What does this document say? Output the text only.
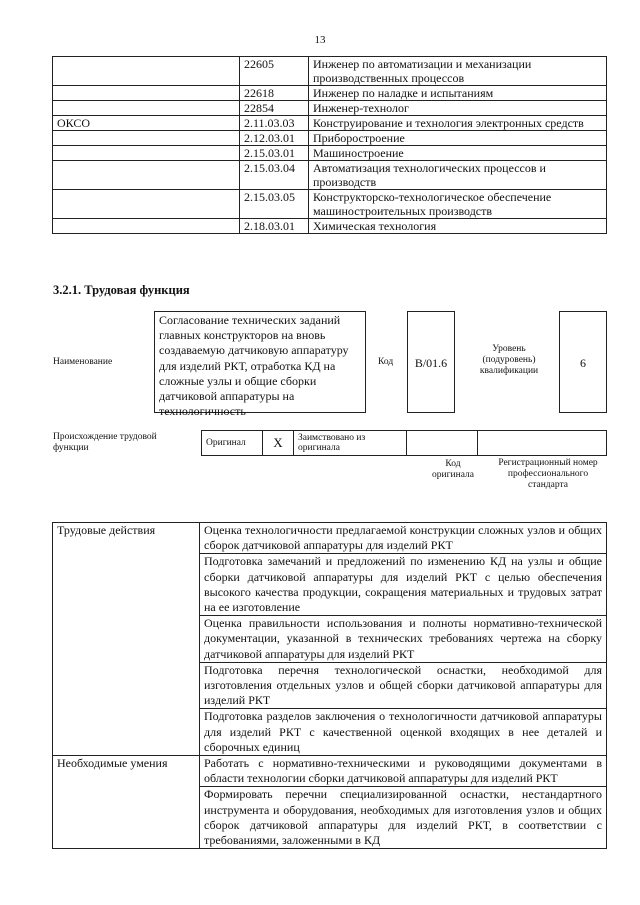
13
	22605	Инженер по автоматизации и механизации производственных процессов
	22618	Инженер по наладке и испытаниям
	22854	Инженер-технолог
ОКСО	2.11.03.03	Конструирование и технология электронных средств
	2.12.03.01	Приборостроение
	2.15.03.01	Машиностроение
	2.15.03.04	Автоматизация технологических процессов и производств
	2.15.03.05	Конструкторско-технологическое обеспечение машиностроительных производств
	2.18.03.01	Химическая технология
3.2.1. Трудовая функция
Наименование
Согласование технических заданий главных конструкторов на вновь создаваемую датчиковую аппаратуру для изделий РКТ, отработка КД на сложные узлы и общие сборки датчиковой аппаратуры на технологичность
Код	B/01.6
Уровень (подуровень) квалификации
6
Происхождение трудовой функции	Оригинал	X	Заимствовано из оригинала		
Код оригинала
Регистрационный номер профессионального стандарта
Трудовые действия	Оценка технологичности предлагаемой конструкции сложных узлов и общих сборок датчиковой аппаратуры для изделий РКТ
	Подготовка замечаний и предложений по изменению КД на узлы и общие сборки датчиковой аппаратуры для изделий РКТ с целью обеспечения высокого качества продукции, сокращения материальных и трудовых затрат на ее изготовление
	Оценка правильности использования и полноты нормативно-технической документации, указанной в технических требованиях чертежа на сборку датчиковой аппаратуры для изделий РКТ
	Подготовка перечня технологической оснастки, необходимой для изготовления отдельных узлов и общей сборки датчиковой аппаратуры для изделий РКТ
	Подготовка разделов заключения о технологичности датчиковой аппаратуры для изделий РКТ с качественной оценкой входящих в нее деталей и сборочных единиц
Необходимые умения	Работать с нормативно-техническими и руководящими документами в области технологии сборки датчиковой аппаратуры для изделий РКТ
	Формировать перечни специализированной оснастки, нестандартного инструмента и оборудования, необходимых для изготовления узлов и общих сборок датчиковой аппаратуры для изделий РКТ, в соответствии с требованиями, заложенными в КД
